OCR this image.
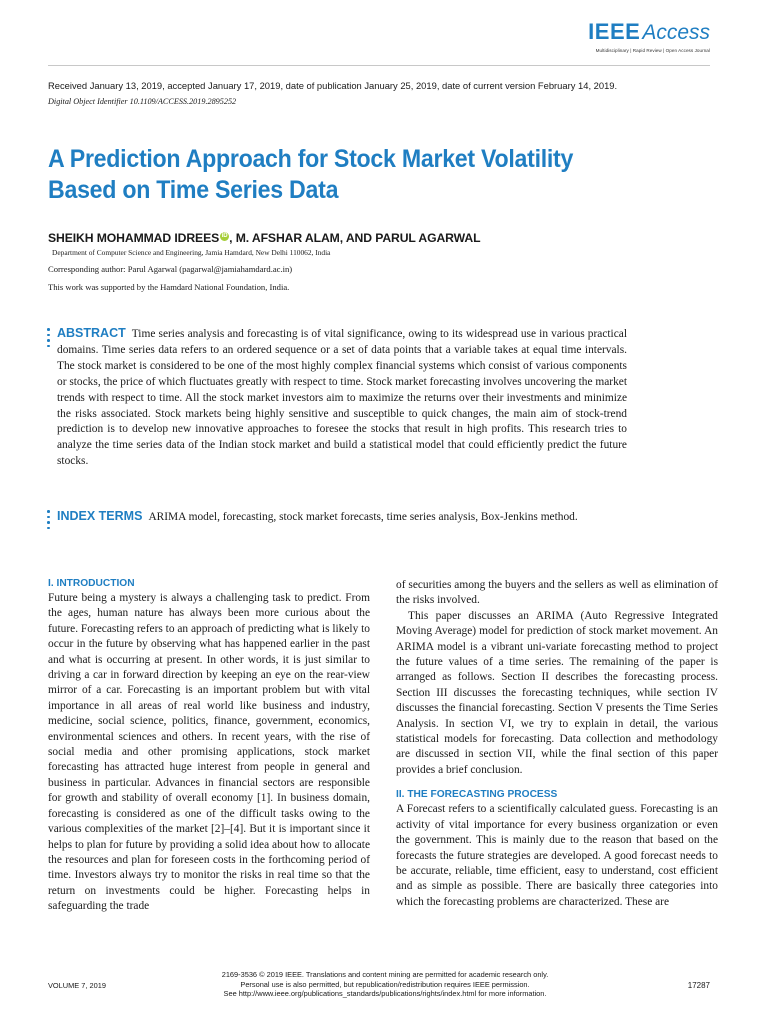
IEEEAccess
Multidisciplinary | Rapid Review | Open Access Journal
Received January 13, 2019, accepted January 17, 2019, date of publication January 25, 2019, date of current version February 14, 2019.
Digital Object Identifier 10.1109/ACCESS.2019.2895252
A Prediction Approach for Stock Market Volatility Based on Time Series Data
SHEIKH MOHAMMAD IDREES iD , M. AFSHAR ALAM, AND PARUL AGARWAL
Department of Computer Science and Engineering, Jamia Hamdard, New Delhi 110062, India
Corresponding author: Parul Agarwal (pagarwal@jamiahamdard.ac.in)
This work was supported by the Hamdard National Foundation, India.
ABSTRACT Time series analysis and forecasting is of vital significance, owing to its widespread use in various practical domains. Time series data refers to an ordered sequence or a set of data points that a variable takes at equal time intervals. The stock market is considered to be one of the most highly complex financial systems which consist of various components or stocks, the price of which fluctuates greatly with respect to time. Stock market forecasting involves uncovering the market trends with respect to time. All the stock market investors aim to maximize the returns over their investments and minimize the risks associated. Stock markets being highly sensitive and susceptible to quick changes, the main aim of stock-trend prediction is to develop new innovative approaches to foresee the stocks that result in high profits. This research tries to analyze the time series data of the Indian stock market and build a statistical model that could efficiently predict the future stocks.
INDEX TERMS ARIMA model, forecasting, stock market forecasts, time series analysis, Box-Jenkins method.
I. INTRODUCTION

Future being a mystery is always a challenging task to predict. From the ages, human nature has always been more curious about the future. Forecasting refers to an approach of predicting what is likely to occur in the future by observing what has happened earlier in the past and what is occurring at present. In other words, it is just similar to driving a car in forward direction by keeping an eye on the rear-view mirror of a car. Forecasting is an important problem but with vital importance in all areas of real world like business and industry, medicine, social science, politics, finance, government, economics, environmental sciences and others. In recent years, with the rise of social media and other promising applications, stock market forecasting has attracted huge interest from people in general and business in particular. Advances in financial sectors are responsible for growth and stability of overall economy [1]. In business domain, forecasting is considered as one of the difficult tasks owing to the various complexities of the market [2]–[4]. But it is important since it helps to plan for future by providing a solid idea about how to allocate the resources and plan for foreseen costs in the forthcoming period of time. Investors always try to monitor the risks in real time so that the return on investments could be higher. Forecasting helps in safeguarding the trade

of securities among the buyers and the sellers as well as elimination of the risks involved.

This paper discusses an ARIMA (Auto Regressive Integrated Moving Average) model for prediction of stock market movement. An ARIMA model is a vibrant uni-variate forecasting method to project the future values of a time series. The remaining of the paper is arranged as follows. Section II describes the forecasting process. Section III discusses the forecasting techniques, while section IV discusses the financial forecasting. Section V presents the Time Series Analysis. In section VI, we try to explain in detail, the various statistical models for forecasting. Data collection and methodology are discussed in section VII, while the final section of this paper provides a brief conclusion.

II. THE FORECASTING PROCESS

A Forecast refers to a scientifically calculated guess. Forecasting is an activity of vital importance for every business organization or even the government. This is mainly due to the reason that based on the forecasts the future strategies are developed. A good forecast needs to be accurate, reliable, time efficient, easy to understand, cost efficient and as simple as possible. There are basically three categories into which the forecasting problems are characterized. These are

VOLUME 7, 2019
2169-3536 © 2019 IEEE. Translations and content mining are permitted for academic research only.
Personal use is also permitted, but republication/redistribution requires IEEE permission.
See http://www.ieee.org/publications_standards/publications/rights/index.html for more information.
17287
